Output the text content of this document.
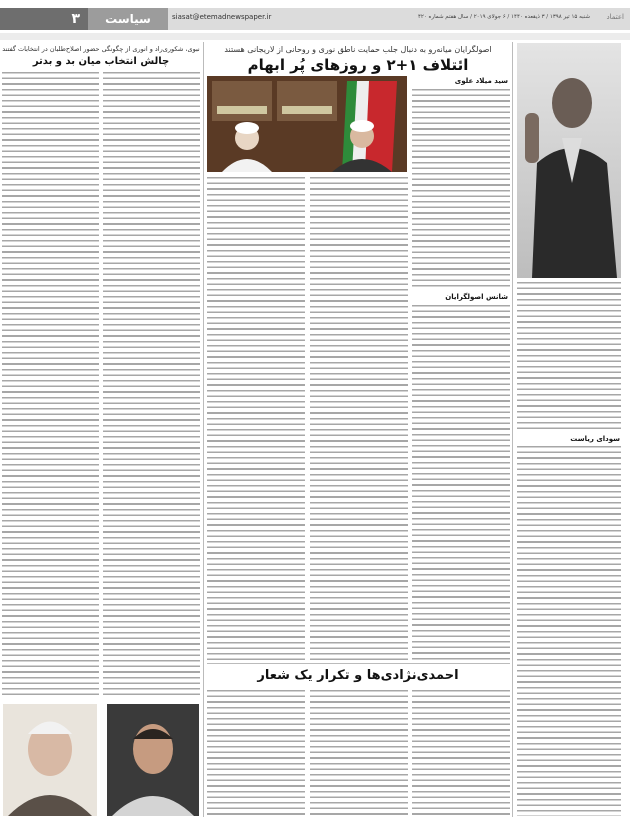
۳	سیاست	siasat@etemadnewspaper.ir	شنبه ۱۵ تیر ۱۳۹۸ / ۳ ذیقعده ۱۴۴۰ / ۶ جولای ۲۰۱۹ / سال هفتم شماره ۴۲۰ اعتماد
سودای ریاست
اصولگرایان میانه‌رو به دنبال جلب حمایت ناطق نوری و روحانی از لاریجانی هستند
ائتلاف ۱+۲ و روزهای پُر ابهام
سید میلاد علوی
شانس اصولگرایان
احمدی‌نژادی‌ها و تکرار یک شعار
نبوی، شکوری‌راد و انوری از چگونگی حضور اصلاح‌طلبان در انتخابات گفتند
چالش انتخاب میان بد و بدتر
